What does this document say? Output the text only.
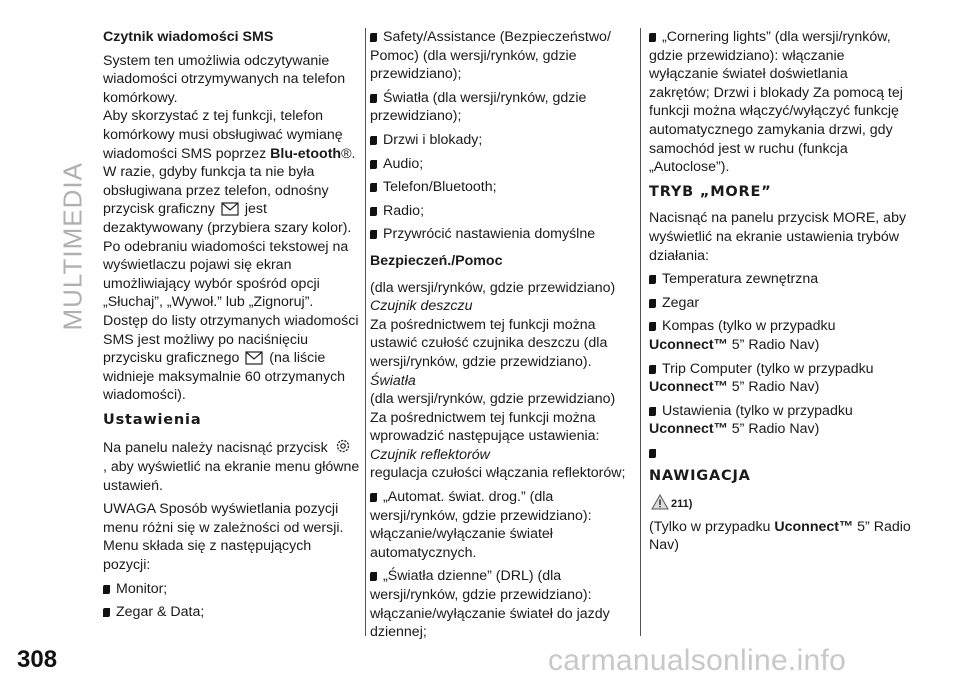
MULTIMEDIA
308	carmanualsonline.info

Czytnik wiadomości SMS

System ten umożliwia odczytywanie wiadomości otrzymywanych na telefon komórkowy.

Aby skorzystać z tej funkcji, telefon komórkowy musi obsługiwać wymianę wiadomości SMS poprzez Blu-etooth®.

W razie, gdyby funkcja ta nie była obsługiwana przez telefon, odnośny przycisk graficzny  jest dezaktywowany (przybiera szary kolor).

Po odebraniu wiadomości tekstowej na wyświetlaczu pojawi się ekran umożliwiający wybór spośród opcji „Słuchaj”, „Wywoł.” lub „Zignoruj”.

Dostęp do listy otrzymanych wiadomości SMS jest możliwy po naciśnięciu przycisku graficznego  (na liście widnieje maksymalnie 60 otrzymanych wiadomości).

Ustawienia

Na panelu należy nacisnąć przycisk  , aby wyświetlić na ekranie menu główne ustawień.

UWAGA Sposób wyświetlania pozycji menu różni się w zależności od wersji. Menu składa się z następujących pozycji:

Monitor;

Zegar & Data;

Safety/Assistance (Bezpieczeństwo/ Pomoc) (dla wersji/rynków, gdzie przewidziano);

Światła (dla wersji/rynków, gdzie przewidziano);

Drzwi i blokady;

Audio;

Telefon/Bluetooth;

Radio;

Przywrócić nastawienia domyślne

Bezpieczeń./Pomoc

(dla wersji/rynków, gdzie przewidziano)

Czujnik deszczu

Za pośrednictwem tej funkcji można ustawić czułość czujnika deszczu (dla wersji/rynków, gdzie przewidziano).

Światła

(dla wersji/rynków, gdzie przewidziano)

Za pośrednictwem tej funkcji można wprowadzić następujące ustawienia:

Czujnik reflektorów

regulacja czułości włączania reflektorów;

„Automat. świat. drog.” (dla wersji/rynków, gdzie przewidziano): włączanie/wyłączanie świateł automatycznych.

„Światła dzienne” (DRL) (dla wersji/rynków, gdzie przewidziano): włączanie/wyłączanie świateł do jazdy dziennej;

„Cornering lights” (dla wersji/rynków, gdzie przewidziano): włączanie wyłączanie świateł doświetlania zakrętów; Drzwi i blokady Za pomocą tej funkcji można włączyć/wyłączyć funkcję automatycznego zamykania drzwi, gdy samochód jest w ruchu (funkcja „Autoclose”).

TRYB „MORE”

Nacisnąć na panelu przycisk MORE, aby wyświetlić na ekranie ustawienia trybów działania:

Temperatura zewnętrzna

Zegar

Kompas (tylko w przypadku Uconnect™ 5” Radio Nav)

Trip Computer (tylko w przypadku Uconnect™ 5” Radio Nav)

Ustawienia (tylko w przypadku Uconnect™ 5” Radio Nav)

NAWIGACJA

211)

(Tylko w przypadku Uconnect™ 5” Radio Nav)
